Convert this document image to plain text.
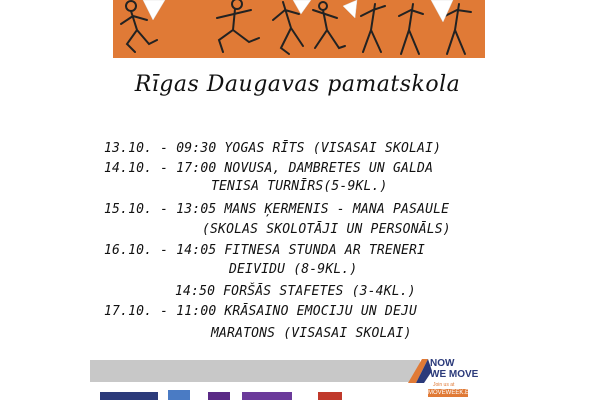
Rīgas Daugavas pamatskola
13.10. - 09:30 YOGAS RĪTS (VISASAI SKOLAI)
14.10. - 17:00 NOVUSA, DAMBRETES UN GALDA
TENISA TURNĪRS(5-9KL.)
15.10. - 13:05 MANS ĶERMENIS - MANA PASAULE
(SKOLAS SKOLOTĀJI UN PERSONĀLS)
16.10. - 14:05 FITNESA STUNDA AR TRENERI
DEIVIDU (8-9KL.)
14:50 FORŠĀS STAFETES (3-4KL.)
17.10. - 11:00 KRĀSAINO EMOCIJU UN DEJU
MARATONS (VISASAI SKOLAI)
NOW
WE MOVE
Join us at
MOVEWEEK.EU
